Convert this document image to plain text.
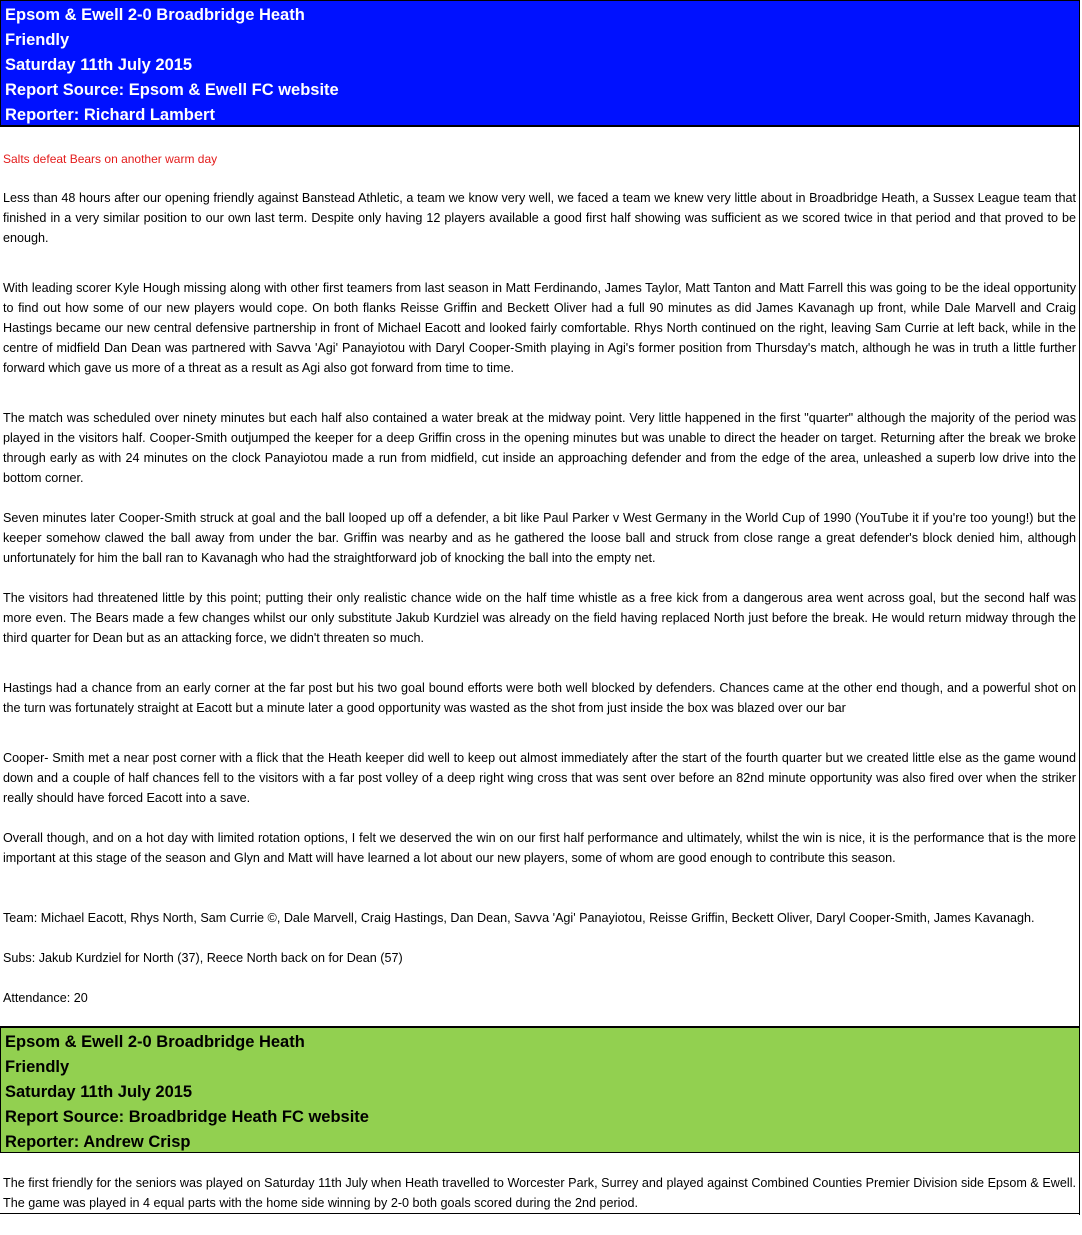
Epsom & Ewell 2-0 Broadbridge Heath
Friendly
Saturday 11th July 2015
Report Source: Epsom & Ewell FC website
Reporter: Richard Lambert
Salts defeat Bears on another warm day

Less than 48 hours after our opening friendly against Banstead Athletic, a team we know very well, we faced a team we knew very little about in Broadbridge Heath, a Sussex League team that finished in a very similar position to our own last term. Despite only having 12 players available a good first half showing was sufficient as we scored twice in that period and that proved to be enough.

With leading scorer Kyle Hough missing along with other first teamers from last season in Matt Ferdinando, James Taylor, Matt Tanton and Matt Farrell this was going to be the ideal opportunity to find out how some of our new players would cope. On both flanks Reisse Griffin and Beckett Oliver had a full 90 minutes as did James Kavanagh up front, while Dale Marvell and Craig Hastings became our new central defensive partnership in front of Michael Eacott and looked fairly comfortable. Rhys North continued on the right, leaving Sam Currie at left back, while in the centre of midfield Dan Dean was partnered with Savva 'Agi' Panayiotou with Daryl Cooper-Smith playing in Agi's former position from Thursday's match, although he was in truth a little further forward which gave us more of a threat as a result as Agi also got forward from time to time.

The match was scheduled over ninety minutes but each half also contained a water break at the midway point. Very little happened in the first "quarter" although the majority of the period was played in the visitors half. Cooper-Smith outjumped the keeper for a deep Griffin cross in the opening minutes but was unable to direct the header on target. Returning after the break we broke through early as with 24 minutes on the clock Panayiotou made a run from midfield, cut inside an approaching defender and from the edge of the area, unleashed a superb low drive into the bottom corner.

Seven minutes later Cooper-Smith struck at goal and the ball looped up off a defender, a bit like Paul Parker v West Germany in the World Cup of 1990 (YouTube it if you're too young!) but the keeper somehow clawed the ball away from under the bar. Griffin was nearby and as he gathered the loose ball and struck from close range a great defender's block denied him, although unfortunately for him the ball ran to Kavanagh who had the straightforward job of knocking the ball into the empty net.

The visitors had threatened little by this point; putting their only realistic chance wide on the half time whistle as a free kick from a dangerous area went across goal, but the second half was more even. The Bears made a few changes whilst our only substitute Jakub Kurdziel was already on the field having replaced North just before the break. He would return midway through the third quarter for Dean but as an attacking force, we didn't threaten so much.

Hastings had a chance from an early corner at the far post but his two goal bound efforts were both well blocked by defenders. Chances came at the other end though, and a powerful shot on the turn was fortunately straight at Eacott but a minute later a good opportunity was wasted as the shot from just inside the box was blazed over our bar

Cooper- Smith met a near post corner with a flick that the Heath keeper did well to keep out almost immediately after the start of the fourth quarter but we created little else as the game wound down and a couple of half chances fell to the visitors with a far post volley of a deep right wing cross that was sent over before an 82nd minute opportunity was also fired over when the striker really should have forced Eacott into a save.

Overall though, and on a hot day with limited rotation options, I felt we deserved the win on our first half performance and ultimately, whilst the win is nice, it is the performance that is the more important at this stage of the season and Glyn and Matt will have learned a lot about our new players, some of whom are good enough to contribute this season.

Team: Michael Eacott, Rhys North, Sam Currie ©, Dale Marvell, Craig Hastings, Dan Dean, Savva 'Agi' Panayiotou, Reisse Griffin, Beckett Oliver, Daryl Cooper-Smith, James Kavanagh.

Subs: Jakub Kurdziel for North (37), Reece North back on for Dean (57)

Attendance: 20

Epsom & Ewell 2-0 Broadbridge Heath
Friendly
Saturday 11th July 2015
Report Source: Broadbridge Heath FC website
Reporter: Andrew Crisp

The first friendly for the seniors was played on Saturday 11th July when Heath travelled to Worcester Park, Surrey and played against Combined Counties Premier Division side Epsom & Ewell. The game was played in 4 equal parts with the home side winning by 2-0 both goals scored during the 2nd period.
